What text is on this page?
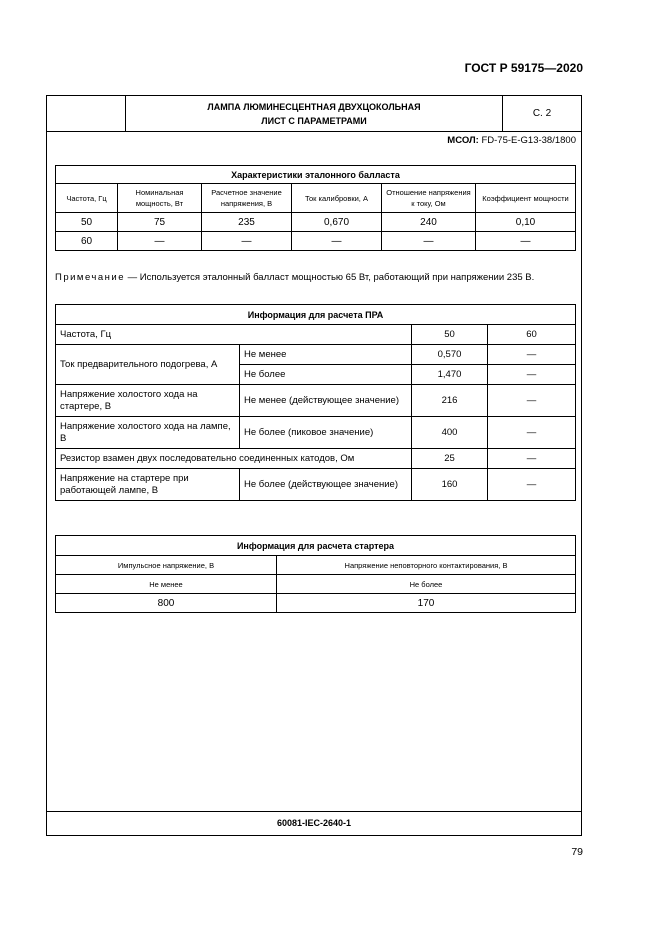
ГОСТ Р 59175—2020
ЛАМПА ЛЮМИНЕСЦЕНТНАЯ ДВУХЦОКОЛЬНАЯ
ЛИСТ С ПАРАМЕТРАМИ
С. 2
МСОЛ: FD-75-E-G13-38/1800
Характеристики эталонного балласта					
Частота, Гц	Номинальная мощность, Вт	Расчетное значение напряжения, В	Ток калибровки, А	Отношение напряжения к току, Ом	Коэффициент мощности
50	75	235	0,670	240	0,10
60	—	—	—	—	—
Примечание — Используется эталонный балласт мощностью 65 Вт, работающий при напряжении 235 В.
Информация для расчета ПРА			
Частота, Гц		50	60
Ток предварительного подогрева, А	Не менее	0,570	—
	Не более	1,470	—
Напряжение холостого хода на стартере, В	Не менее (действующее значение)	216	—
Напряжение холостого хода на лампе, В	Не более (пиковое значение)	400	—
Резистор взамен двух последовательно соединенных катодов, Ом		25	—
Напряжение на стартере при работающей лампе, В	Не более (действующее значение)	160	—
Информация для расчета стартера	
Импульсное напряжение, В	Напряжение неповторного контактирования, В
Не менее	Не более
800	170
60081-IEC-2640-1
79
